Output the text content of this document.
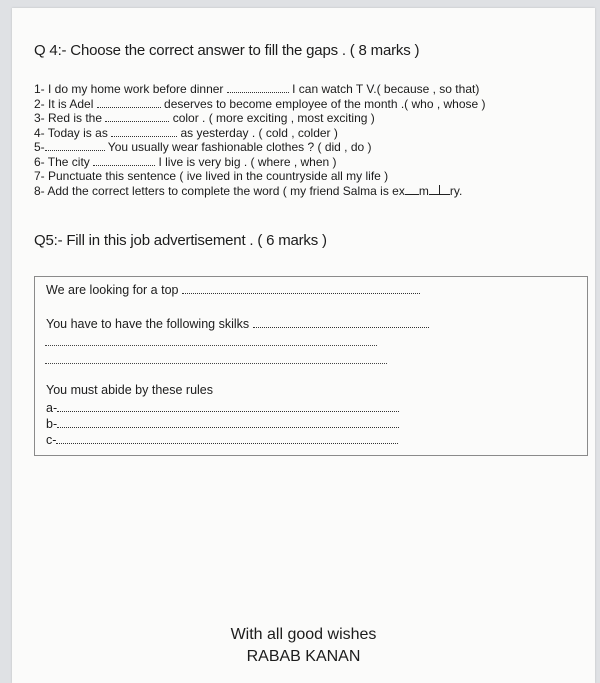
Q 4:- Choose the correct answer to fill the gaps . ( 8 marks )
1- I do my home work before dinner	I can watch T V.( because , so that)
2- It is Adel	deserves to become employee of the month .( who , whose )
3- Red is the	color . ( more exciting , most exciting )
4- Today is as	as yesterday . ( cold , colder )
5-	You usually wear fashionable clothes ? ( did , do )
6- The city	I live is very big . ( where , when )
7- Punctuate this sentence ( ive lived in the countryside all my life )
8- Add the correct letters to complete the word ( my friend Salma is ex m ry.
Q5:- Fill in this job advertisement . ( 6 marks )
We are looking for a top
You have to have the following skilks
You must abide by these rules
a-
b-
c-
With all good wishes
RABAB KANAN
